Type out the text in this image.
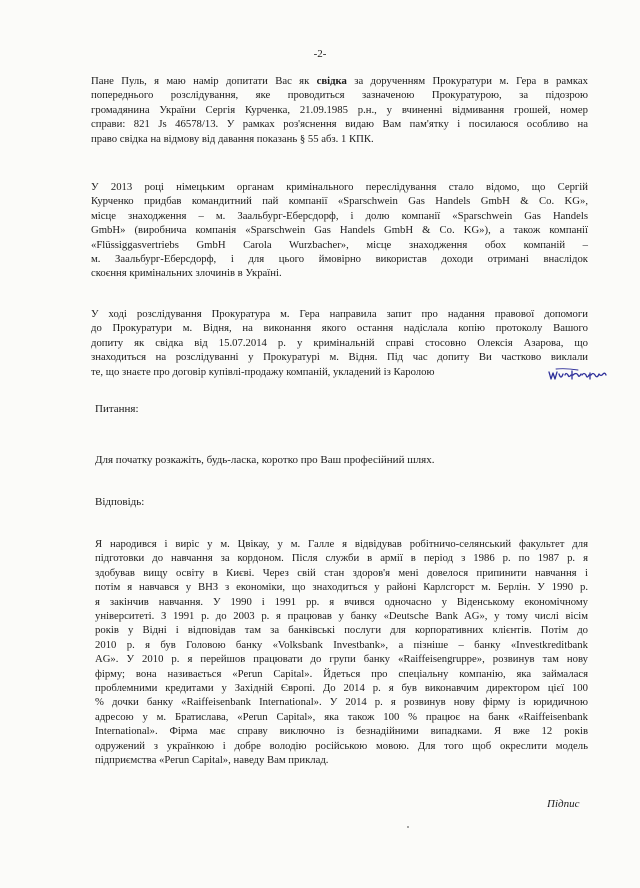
-2-

Пане Пуль, я маю намір допитати Вас як свідка за дорученням Прокуратури м. Гера в рамках
попереднього розслідування, яке проводиться зазначеною Прокуратурою, за підозрою
громадянина України Сергія Курченка, 21.09.1985 р.н., у вчиненні відмивання грошей, номер
справи: 821 Js 46578/13. У рамках роз'яснення видаю Вам пам'ятку і посилаюся особливо на
право свідка на відмову від давання показань § 55 абз. 1 КПК.

У 2013 році німецьким органам кримінального переслідування стало відомо, що Сергій
Курченко придбав командитний пай компанії «Sparschwein Gas Handels GmbH & Co. KG»,
місце знаходження – м. Заальбург-Еберсдорф, і долю компанії «Sparschwein Gas Handels
GmbH» (виробнича компанія «Sparschwein Gas Handels GmbH & Co. KG»), а також компанії
«Flüssiggasvertriebs GmbH Carola Wurzbacher», місце знаходження обох компаній –
м. Заальбург-Еберсдорф, і для цього ймовірно використав доходи отримані внаслідок
скоєння кримінальних злочинів в Україні.

У ході розслідування Прокуратура м. Гера направила запит про надання правової допомоги
до Прокуратури м. Відня, на виконання якого остання надіслала копію протоколу Вашого
допиту як свідка від 15.07.2014 р. у кримінальній справі стосовно Олексія Азарова, що
знаходиться на розслідуванні у Прокуратурі м. Відня. Під час допиту Ви частково виклали
те, що знаєте про договір купівлі-продажу компаній, укладений із Каролою

Питання:

Для початку розкажіть, будь-ласка, коротко про Ваш професійний шлях.

Відповідь:

Я народився і виріс у м. Цвікау, у м. Галле я відвідував робітничо-селянський факультет для
підготовки до навчання за кордоном. Після служби в армії в період з 1986 р. по 1987 р. я
здобував вищу освіту в Києві. Через свій стан здоров'я мені довелося припинити навчання і
потім я навчався у ВНЗ з економіки, що знаходиться у районі Карлсгорст м. Берлін. У 1990 р.
я закінчив навчання. У 1990 і 1991 рр. я вчився одночасно у Віденському економічному
університеті. З 1991 р. до 2003 р. я працював у банку «Deutsche Bank AG», у тому числі вісім
років у Відні і відповідав там за банківські послуги для корпоративних клієнтів. Потім до
2010 р. я був Головою банку «Volksbank Investbank», а пізніше – банку «Investkreditbank
AG». У 2010 р. я перейшов працювати до групи банку «Raiffeisengruppe», розвинув там нову
фірму; вона називається «Perun Capital». Йдеться про спеціальну компанію, яка займалася
проблемними кредитами у Західній Європі. До 2014 р. я був виконавчим директором цієї 100
% дочки банку «Raiffeisenbank International». У 2014 р. я розвинув нову фірму із юридичною
адресою у м. Братислава, «Perun Capital», яка також 100 % працює на банк «Raiffeisenbank
International». Фірма має справу виключно із безнадійними випадками. Я вже 12 років
одружений з українкою і добре володію російською мовою. Для того щоб окреслити модель
підприємства «Perun Capital», наведу Вам приклад.

Підпис
